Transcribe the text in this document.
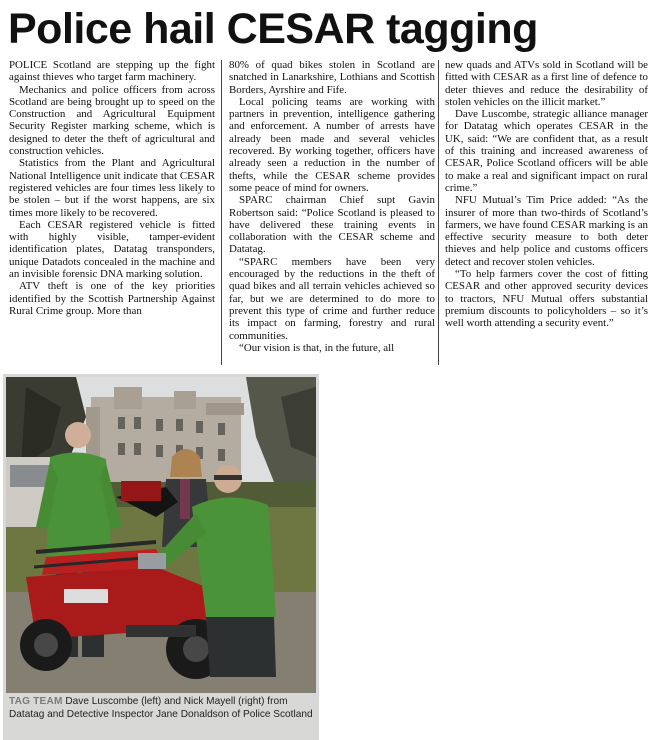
Police hail CESAR tagging

POLICE Scotland are stepping up the fight against thieves who target farm machinery.

Mechanics and police officers from across Scotland are being brought up to speed on the Construction and Agricultural Equipment Security Register marking scheme, which is designed to deter the theft of agricultural and construction vehicles.

Statistics from the Plant and Agricultural National Intelligence unit indicate that CESAR registered vehicles are four times less likely to be stolen – but if the worst happens, are six times more likely to be recovered.

Each CESAR registered vehicle is fitted with highly visible, tamper-evident identification plates, Datatag transponders, unique Datadots concealed in the machine and an invisible forensic DNA marking solution.

ATV theft is one of the key priorities identified by the Scottish Partnership Against Rural Crime group. More than

80% of quad bikes stolen in Scotland are snatched in Lanarkshire, Lothians and Scottish Borders, Ayrshire and Fife.

Local policing teams are working with partners in prevention, intelligence gathering and enforcement. A number of arrests have already been made and several vehicles recovered. By working together, officers have already seen a reduction in the number of thefts, while the CESAR scheme provides some peace of mind for owners.

SPARC chairman Chief supt Gavin Robertson said: “Police Scotland is pleased to have delivered these training events in collaboration with the CESAR scheme and Datatag.

“SPARC members have been very encouraged by the reductions in the theft of quad bikes and all terrain vehicles achieved so far, but we are determined to do more to prevent this type of crime and further reduce its impact on farming, forestry and rural communities.

“Our vision is that, in the future, all

new quads and ATVs sold in Scotland will be fitted with CESAR as a first line of defence to deter thieves and reduce the desirability of stolen vehicles on the illicit market.”

Dave Luscombe, strategic alliance manager for Datatag which operates CESAR in the UK, said: “We are confident that, as a result of this training and increased awareness of CESAR, Police Scotland officers will be able to make a real and significant impact on rural crime.”

NFU Mutual’s Tim Price added: “As the insurer of more than two-thirds of Scotland’s farmers, we have found CESAR marking is an effective security measure to both deter thieves and help police and customs officers detect and recover stolen vehicles.

“To help farmers cover the cost of fitting CESAR and other approved security devices to tractors, NFU Mutual offers substantial premium discounts to policyholders – so it’s well worth attending a security event.”

TAG TEAM Dave Luscombe (left) and Nick Mayell (right) from Datatag and Detective Inspector Jane Donaldson of Police Scotland
